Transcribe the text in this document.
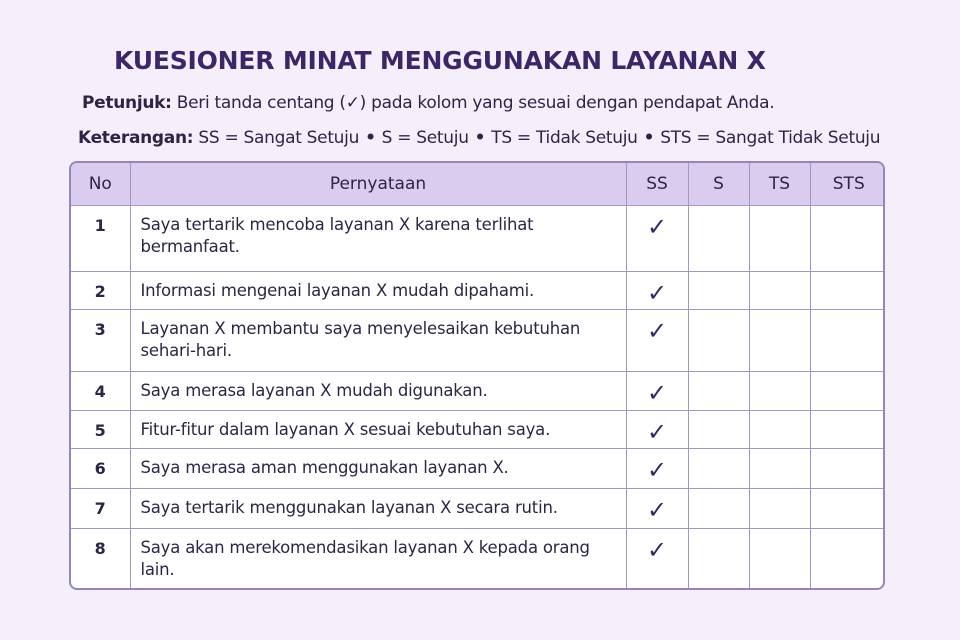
KUESIONER MINAT MENGGUNAKAN LAYANAN X
Petunjuk: Beri tanda centang (✓) pada kolom yang sesuai dengan pendapat Anda.
Keterangan: SS = Sangat Setuju • S = Setuju • TS = Tidak Setuju • STS = Sangat Tidak Setuju
No	Pernyataan	SS	S	TS	STS
1	Saya tertarik mencoba layanan X karena terlihat bermanfaat.	✓			
2	Informasi mengenai layanan X mudah dipahami.	✓			
3	Layanan X membantu saya menyelesaikan kebutuhan sehari-hari.	✓			
4	Saya merasa layanan X mudah digunakan.	✓			
5	Fitur-fitur dalam layanan X sesuai kebutuhan saya.	✓			
6	Saya merasa aman menggunakan layanan X.	✓			
7	Saya tertarik menggunakan layanan X secara rutin.	✓			
8	Saya akan merekomendasikan layanan X kepada orang lain.	✓			
